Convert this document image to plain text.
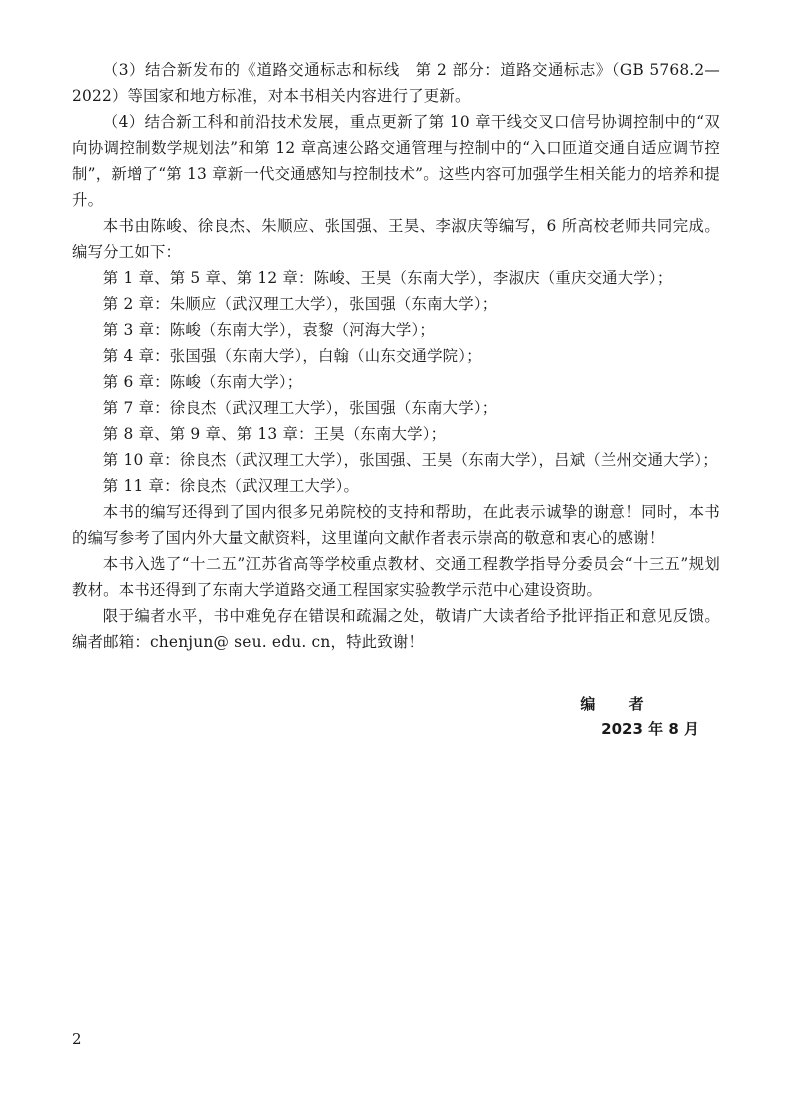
（3）结合新发布的《道路交通标志和标线　第 2 部分：道路交通标志》（GB 5768.2—2022）等国家和地方标准，对本书相关内容进行了更新。

（4）结合新工科和前沿技术发展，重点更新了第 10 章干线交叉口信号协调控制中的“双向协调控制数学规划法”和第 12 章高速公路交通管理与控制中的“入口匝道交通自适应调节控制”，新增了“第 13 章新一代交通感知与控制技术”。这些内容可加强学生相关能力的培养和提升。

本书由陈峻、徐良杰、朱顺应、张国强、王昊、李淑庆等编写，6 所高校老师共同完成。编写分工如下：

第 1 章、第 5 章、第 12 章：陈峻、王昊（东南大学），李淑庆（重庆交通大学）；

第 2 章：朱顺应（武汉理工大学），张国强（东南大学）；

第 3 章：陈峻（东南大学），袁黎（河海大学）；

第 4 章：张国强（东南大学），白翰（山东交通学院）；

第 6 章：陈峻（东南大学）；

第 7 章：徐良杰（武汉理工大学），张国强（东南大学）；

第 8 章、第 9 章、第 13 章：王昊（东南大学）；

第 10 章：徐良杰（武汉理工大学），张国强、王昊（东南大学），吕斌（兰州交通大学）；

第 11 章：徐良杰（武汉理工大学）。

本书的编写还得到了国内很多兄弟院校的支持和帮助，在此表示诚挚的谢意！同时，本书的编写参考了国内外大量文献资料，这里谨向文献作者表示崇高的敬意和衷心的感谢！

本书入选了“十二五”江苏省高等学校重点教材、交通工程教学指导分委员会“十三五”规划教材。本书还得到了东南大学道路交通工程国家实验教学示范中心建设资助。

限于编者水平，书中难免存在错误和疏漏之处，敬请广大读者给予批评指正和意见反馈。编者邮箱：chenjun@ seu. edu. cn，特此致谢！

编 者
2023 年 8 月
2
